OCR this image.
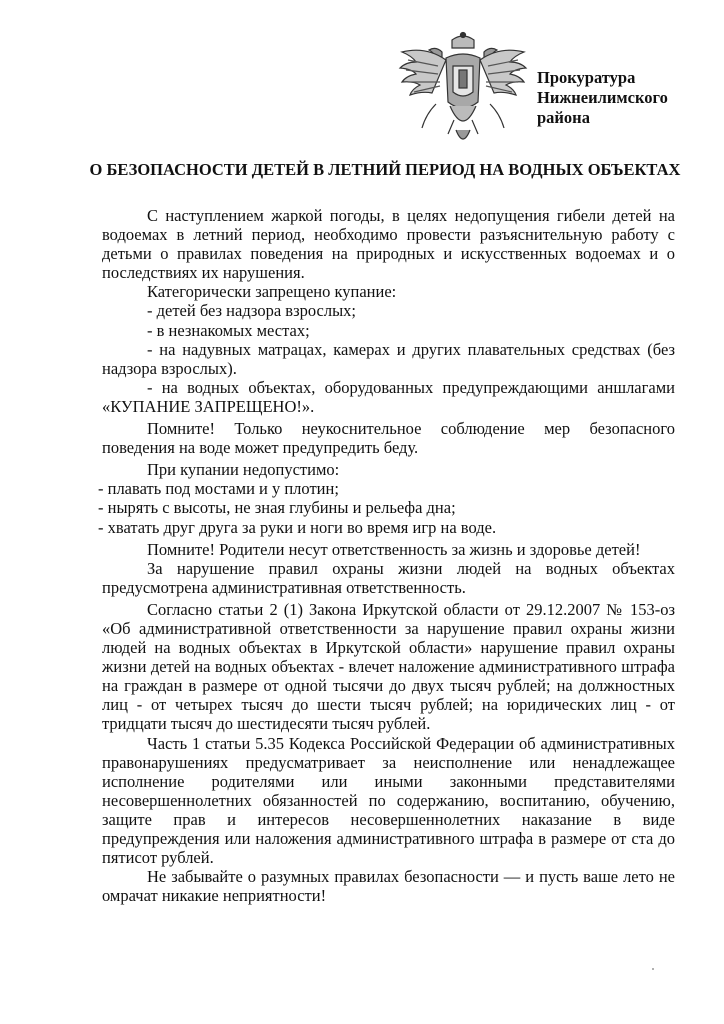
Прокуратура
Нижнеилимского
района
О БЕЗОПАСНОСТИ ДЕТЕЙ В ЛЕТНИЙ ПЕРИОД НА ВОДНЫХ ОБЪЕКТАХ

С наступлением жаркой погоды, в целях недопущения гибели детей на водоемах в летний период, необходимо провести разъяснительную работу с детьми о правилах поведения на природных и искусственных водоемах и о последствиях их нарушения.

Категорически запрещено купание:

- детей без надзора взрослых;

- в незнакомых местах;

- на надувных матрацах, камерах и других плавательных средствах (без надзора взрослых).

- на водных объектах, оборудованных предупреждающими аншлагами «КУПАНИЕ ЗАПРЕЩЕНО!».

Помните! Только неукоснительное соблюдение мер безопасного поведения на воде может предупредить беду.

При купании недопустимо:

- плавать под мостами и у плотин;

- нырять с высоты, не зная глубины и рельефа дна;

- хватать друг друга за руки и ноги во время игр на воде.

Помните! Родители несут ответственность за жизнь и здоровье детей!

За нарушение правил охраны жизни людей на водных объектах предусмотрена административная ответственность.

Согласно статьи 2 (1) Закона Иркутской области от 29.12.2007 № 153-оз «Об административной ответственности за нарушение правил охраны жизни людей на водных объектах в Иркутской области» нарушение правил охраны жизни детей на водных объектах - влечет наложение административного штрафа на граждан в размере от одной тысячи до двух тысяч рублей; на должностных лиц - от четырех тысяч до шести тысяч рублей; на юридических лиц - от тридцати тысяч до шестидесяти тысяч рублей.

Часть 1 статьи 5.35 Кодекса Российской Федерации об административных правонарушениях предусматривает за неисполнение или ненадлежащее исполнение родителями или иными законными представителями несовершеннолетних обязанностей по содержанию, воспитанию, обучению, защите прав и интересов несовершеннолетних наказание в виде предупреждения или наложения административного штрафа в размере от ста до пятисот рублей.

Не забывайте о разумных правилах безопасности — и пусть ваше лето не омрачат никакие неприятности!
